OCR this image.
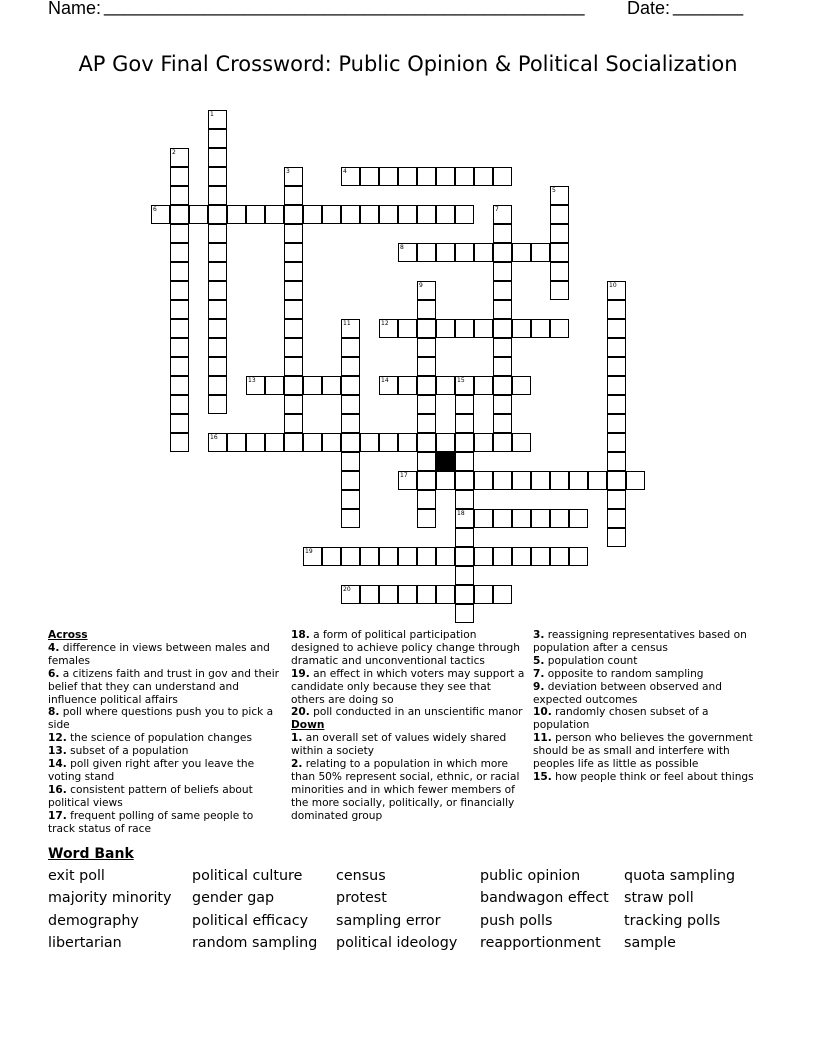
Name: ________________________________________________ Date: _______
AP Gov Final Crossword: Public Opinion & Political Socialization
1
2
3	4
5
6	7
8
9	10
11	12
13	14	15
18
16
17
19
20

Across

4. difference in views between males and females

6. a citizens faith and trust in gov and their belief that they can understand and influence political affairs

8. poll where questions push you to pick a side

12. the science of population changes

13. subset of a population

14. poll given right after you leave the voting stand

16. consistent pattern of beliefs about political views

17. frequent polling of same people to track status of race

18. a form of political participation designed to achieve policy change through dramatic and unconventional tactics

19. an effect in which voters may support a candidate only because they see that others are doing so

20. poll conducted in an unscientific manor

Down

1. an overall set of values widely shared within a society

2. relating to a population in which more than 50% represent social, ethnic, or racial minorities and in which fewer members of the more socially, politically, or financially dominated group

3. reassigning representatives based on population after a census

5. population count

7. opposite to random sampling

9. deviation between observed and expected outcomes

10. randomly chosen subset of a population

11. person who believes the government should be as small and interfere with peoples life as little as possible

15. how people think or feel about things

Word Bank
exit poll
majority minority
demography
libertarian
political culture
gender gap
political efficacy
random sampling
census
protest
sampling error
political ideology
public opinion
bandwagon effect
push polls
reapportionment
quota sampling
straw poll
tracking polls
sample
